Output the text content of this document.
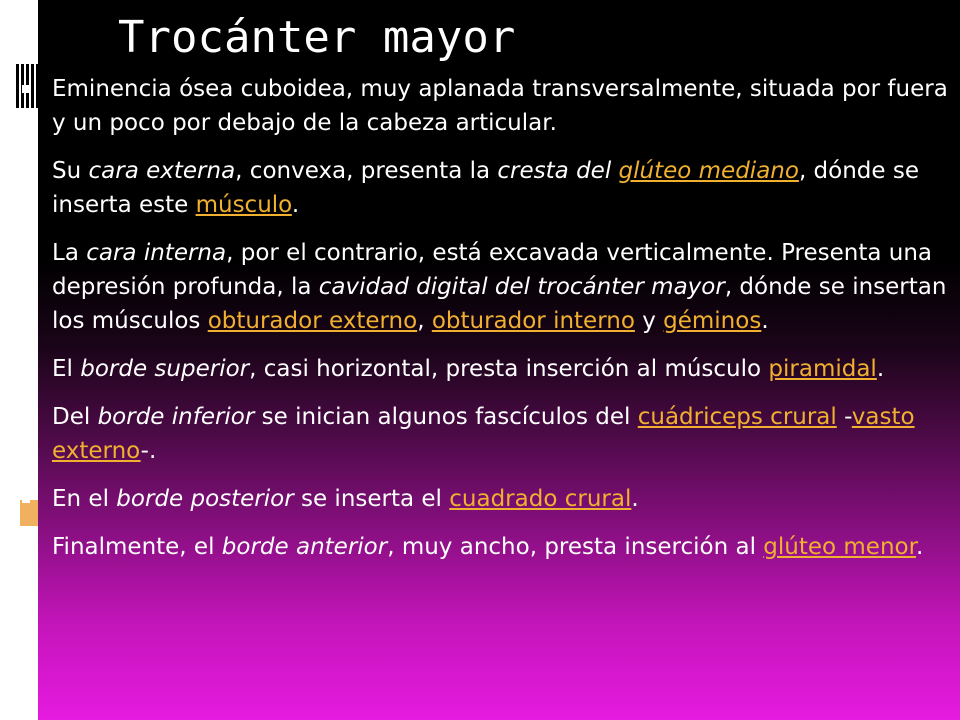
Trocánter mayor
Eminencia ósea cuboidea, muy aplanada transversalmente, situada por fuera y un poco por debajo de la cabeza articular.
Su cara externa, convexa, presenta la cresta del glúteo mediano, dónde se inserta este músculo.
La cara interna, por el contrario, está excavada verticalmente. Presenta una depresión profunda, la cavidad digital del trocánter mayor, dónde se insertan los músculos obturador externo, obturador interno y géminos.
El borde superior, casi horizontal, presta inserción al músculo piramidal.
Del borde inferior se inician algunos fascículos del cuádriceps crural -vasto externo-.
En el borde posterior se inserta el cuadrado crural.
Finalmente, el borde anterior, muy ancho, presta inserción al glúteo menor.
